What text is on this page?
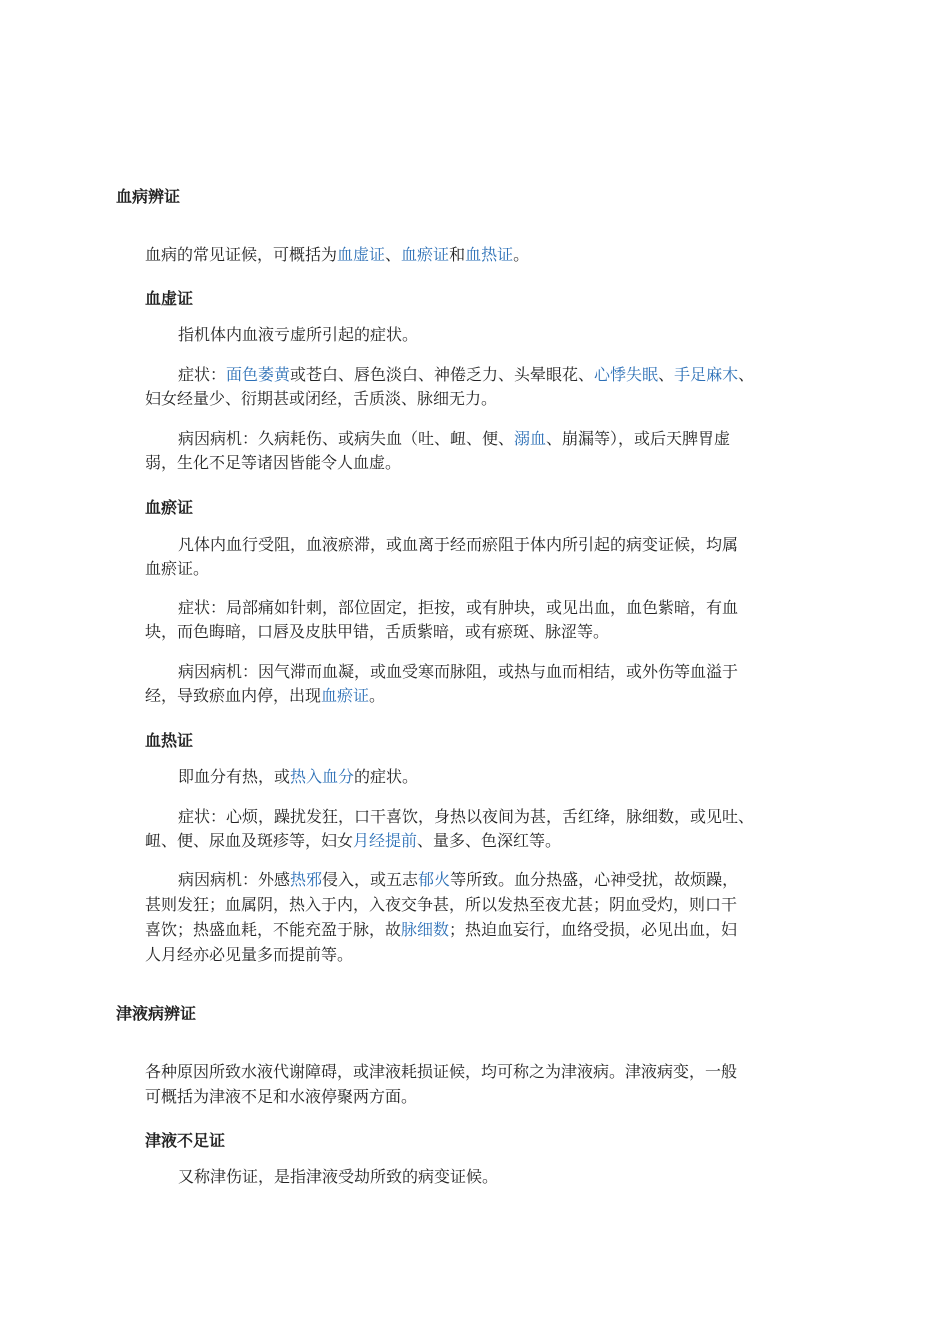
血病辨证
血病的常见证候，可概括为血虚证、血瘀证和血热证。
血虚证
指机体内血液亏虚所引起的症状。
症状：面色萎黄或苍白、唇色淡白、神倦乏力、头晕眼花、心悸失眠、手足麻木、
妇女经量少、衍期甚或闭经，舌质淡、脉细无力。
病因病机：久病耗伤、或病失血（吐、衄、便、溺血、崩漏等），或后天脾胃虚
弱，生化不足等诸因皆能令人血虚。
血瘀证
凡体内血行受阻，血液瘀滞，或血离于经而瘀阻于体内所引起的病变证候，均属
血瘀证。
症状：局部痛如针刺，部位固定，拒按，或有肿块，或见出血，血色紫暗，有血
块，而色晦暗，口唇及皮肤甲错，舌质紫暗，或有瘀斑、脉涩等。
病因病机：因气滞而血凝，或血受寒而脉阻，或热与血而相结，或外伤等血溢于
经，导致瘀血内停，出现血瘀证。
血热证
即血分有热，或热入血分的症状。
症状：心烦，躁扰发狂，口干喜饮，身热以夜间为甚，舌红绛，脉细数，或见吐、
衄、便、尿血及斑疹等，妇女月经提前、量多、色深红等。
病因病机：外感热邪侵入，或五志郁火等所致。血分热盛，心神受扰，故烦躁，
甚则发狂；血属阴，热入于内，入夜交争甚，所以发热至夜尤甚；阴血受灼，则口干
喜饮；热盛血耗，不能充盈于脉，故脉细数；热迫血妄行，血络受损，必见出血，妇
人月经亦必见量多而提前等。
津液病辨证
各种原因所致水液代谢障碍，或津液耗损证候，均可称之为津液病。津液病变，一般
可概括为津液不足和水液停聚两方面。
津液不足证
又称津伤证，是指津液受劫所致的病变证候。
